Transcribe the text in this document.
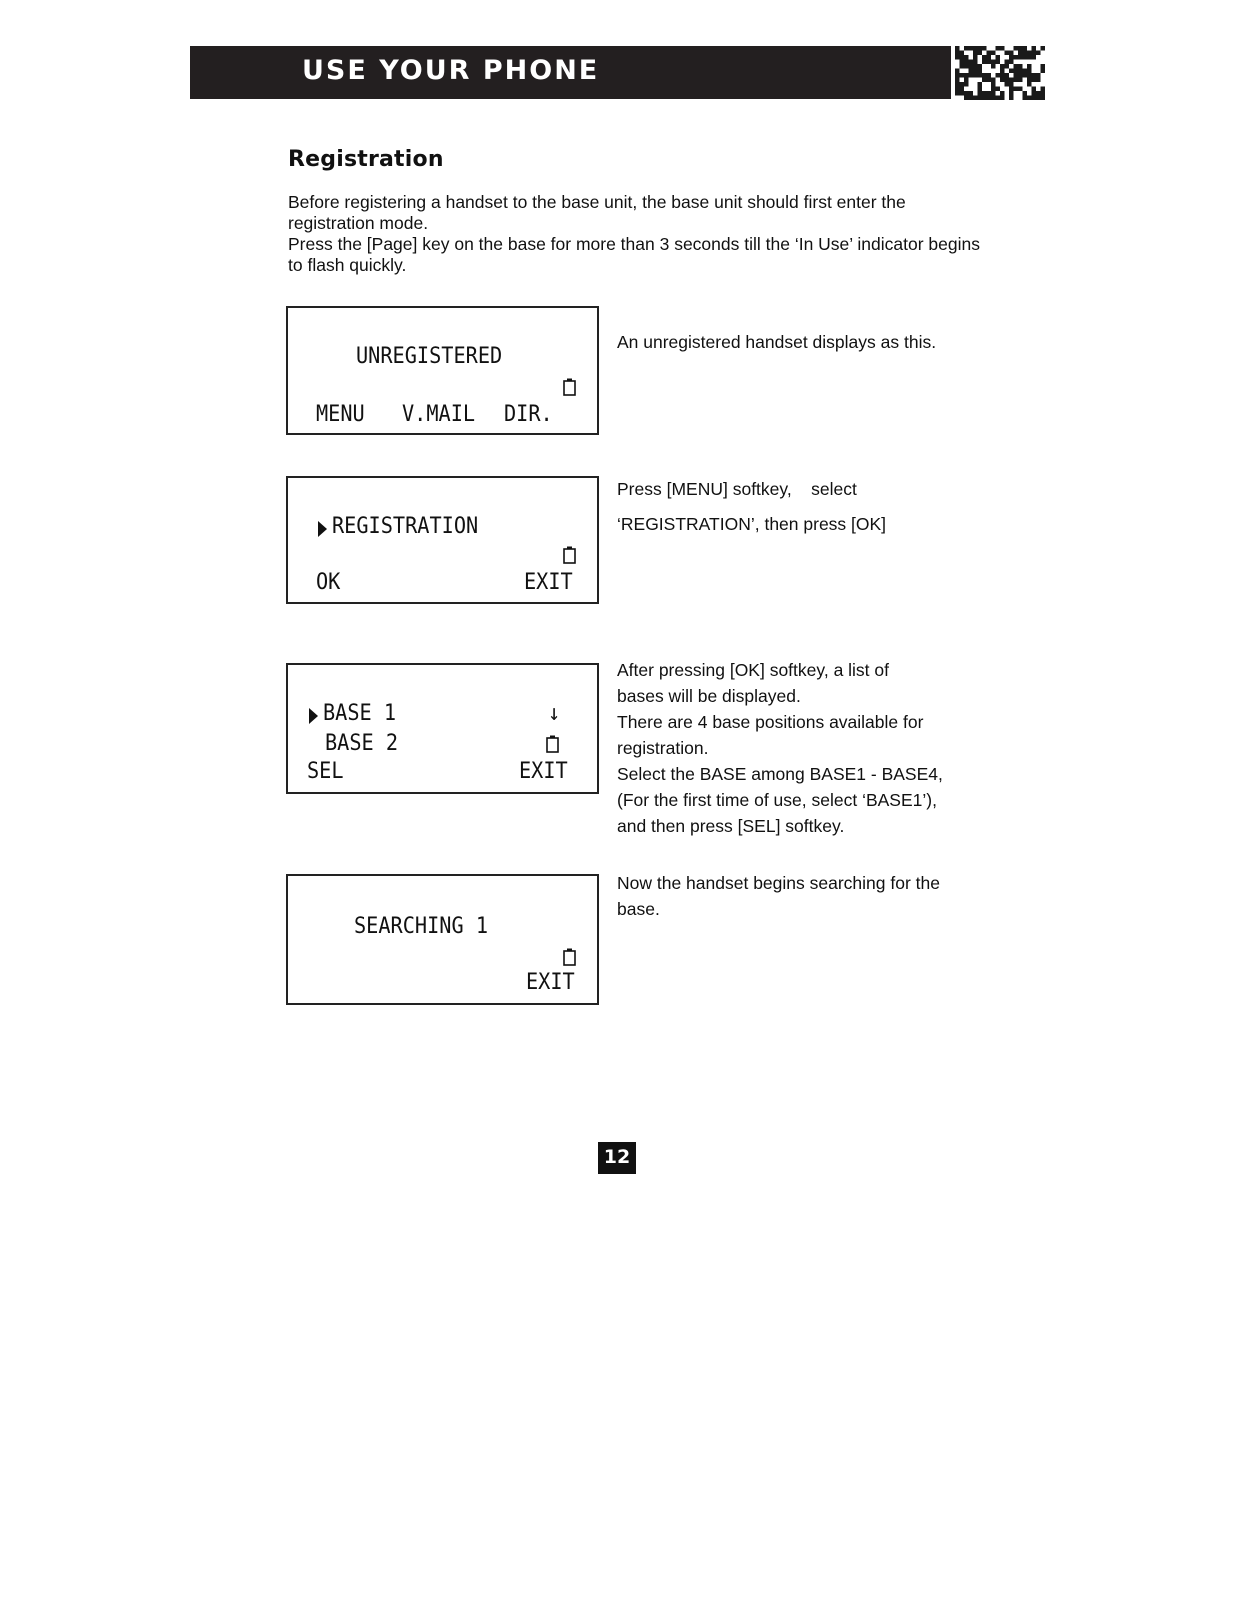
USE YOUR PHONE
Registration

Before registering a handset to the base unit, the base unit should first enter the registration mode.

Press the [Page] key on the base for more than 3 seconds till the ‘In Use’ indicator begins to flash quickly.

UNREGISTERED
MENU V.MAIL DIR.

An unregistered handset displays as this.

REGISTRATION
OK	EXIT

Press [MENU] softkey,    select

‘REGISTRATION’, then press [OK]

BASE 1	↓
BASE 2
SEL	EXIT

After pressing [OK] softkey, a list of

bases will be displayed.

There are 4 base positions available for

registration.

Select the BASE among BASE1 - BASE4,

(For the first time of use, select ‘BASE1’),

and then press [SEL] softkey.

SEARCHING 1
EXIT

Now the handset begins searching for the

base.

12
